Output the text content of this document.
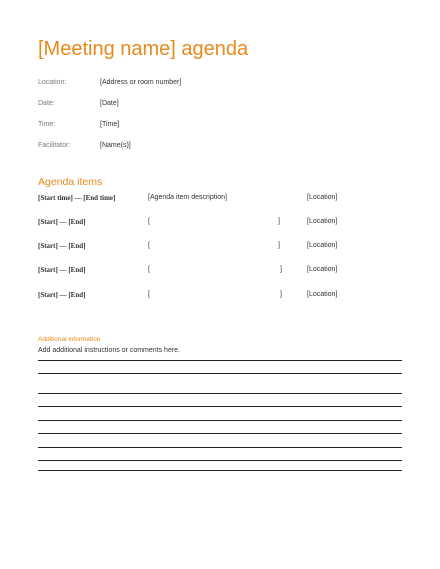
[Meeting name] agenda
Location:	[Address or room number]
Date:	[Date]
Time:	[Time]
Facilitator:	[Name(s)]
Agenda items
[Start time] — [End time]	[Agenda item description]	[Location]
[Start] — [End]	[	]	[Location]
[Start] — [End]	[	]	[Location]
[Start] — [End]	[	]	[Location]
[Start] — [End]	[	]	[Location]
Additional information
Add additional instructions or comments here.
